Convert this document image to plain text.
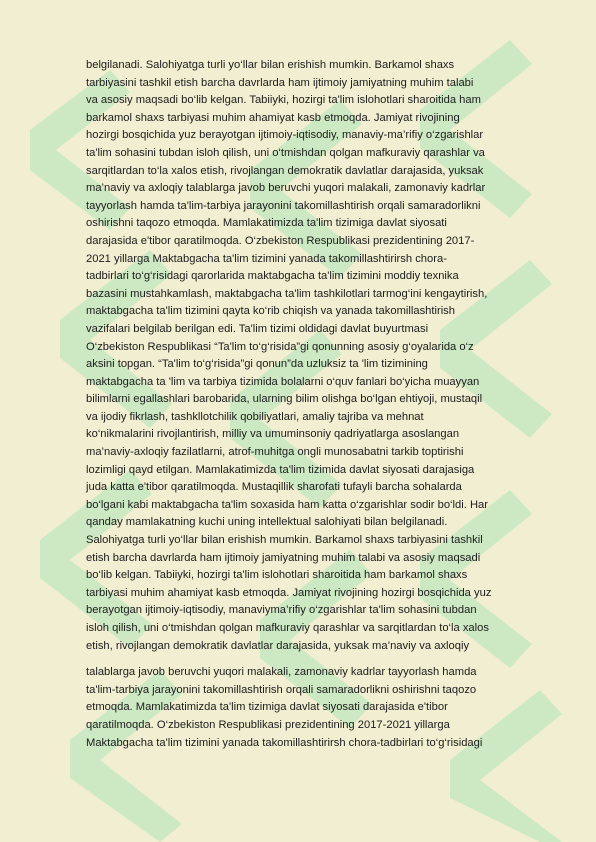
belgilanadi. Salohiyatga turli yo‘llar bilan erishish mumkin. Barkamol shaxs
tarbiyasini tashkil etish barcha davrlarda ham ijtimoiy jamiyatning muhim talabi
va asosiy maqsadi bo‘lib kelgan. Tabiiyki, hozirgi ta'lim islohotlari sharoitida ham
barkamol shaxs tarbiyasi muhim ahamiyat kasb etmoqda. Jamiyat rivojining
hozirgi bosqichida yuz berayotgan ijtimoiy-iqtisodiy, manaviy-ma’rifiy o‘zgarishlar
ta'lim sohasini tubdan isloh qilish, uni o‘tmishdan qolgan mafkuraviy qarashlar va
sarqitlardan to‘la xalos etish, rivojlangan demokratik davlatlar darajasida, yuksak
ma’naviy va axloqiy talablarga javob beruvchi yuqori malakali, zamonaviy kadrlar
tayyorlash hamda ta'lim-tarbiya jarayonini takomillashtirish orqali samaradorlikni
oshirishni taqozo etmoqda. Mamlakatimizda ta'lim tizimiga davlat siyosati
darajasida e'tibor qaratilmoqda. O‘zbekiston Respublikasi prezidentining 2017-
2021 yillarga Maktabgacha ta'lim tizimini yanada takomillashtirirsh chora-
tadbirlari to‘g‘risidagi qarorlarida maktabgacha ta'lim tizimini moddiy texnika
bazasini mustahkamlash, maktabgacha ta'lim tashkilotlari tarmog‘ini kengaytirish,
maktabgacha ta'lim tizimini qayta ko‘rib chiqish va yanada takomillashtirish
vazifalari belgilab berilgan edi. Ta'lim tizimi oldidagi davlat buyurtmasi
O‘zbekiston Respublikasi “Ta'lim to‘g‘risida”gi qonunning asosiy g‘oyalarida o‘z
aksini topgan. “Ta'lim to‘g‘risida”gi qonun”da uzluksiz ta 'lim tizimining
maktabgacha ta 'lim va tarbiya tizimida bolalarni o‘quv fanlari bo‘yicha muayyan
bilimlarni egallashlari barobarida, ularning bilim olishga bo‘lgan ehtiyoji, mustaqil
va ijodiy fikrlash, tashkllotchilik qobiliyatlari, amaliy tajriba va mehnat
ko‘nikmalarini rivojlantirish, milliy va umuminsoniy qadriyatlarga asoslangan
ma’naviy-axloqiy fazilatlarni, atrof-muhitga ongli munosabatni tarkib toptirishi
lozimligi qayd etilgan. Mamlakatimizda ta'lim tizimida davlat siyosati darajasiga
juda katta e'tibor qaratilmoqda. Mustaqillik sharofati tufayli barcha sohalarda
bo‘lgani kabi maktabgacha ta'lim soxasida ham katta o‘zgarishlar sodir bo‘ldi. Har
qanday mamlakatning kuchi uning intellektual salohiyati bilan belgilanadi.
Salohiyatga turli yo‘llar bilan erishish mumkin. Barkamol shaxs tarbiyasini tashkil
etish barcha davrlarda ham ijtimoiy jamiyatning muhim talabi va asosiy maqsadi
bo‘lib kelgan. Tabiiyki, hozirgi ta'lim islohotlari sharoitida ham barkamol shaxs
tarbiyasi muhim ahamiyat kasb etmoqda. Jamiyat rivojining hozirgi bosqichida yuz
berayotgan ijtimoiy-iqtisodiy, manaviyma’rifiy o‘zgarishlar ta'lim sohasini tubdan
isloh qilish, uni o‘tmishdan qolgan mafkuraviy qarashlar va sarqitlardan to‘la xalos
etish, rivojlangan demokratik davlatlar darajasida, yuksak ma’naviy va axloqiy
talablarga javob beruvchi yuqori malakali, zamonaviy kadrlar tayyorlash hamda
ta'lim-tarbiya jarayonini takomillashtirish orqali samaradorlikni oshirishni taqozo
etmoqda. Mamlakatimizda ta'lim tizimiga davlat siyosati darajasida e'tibor
qaratilmoqda. O‘zbekiston Respublikasi prezidentining 2017-2021 yillarga
Maktabgacha ta'lim tizimini yanada takomillashtirirsh chora-tadbirlari to‘g‘risidagi
